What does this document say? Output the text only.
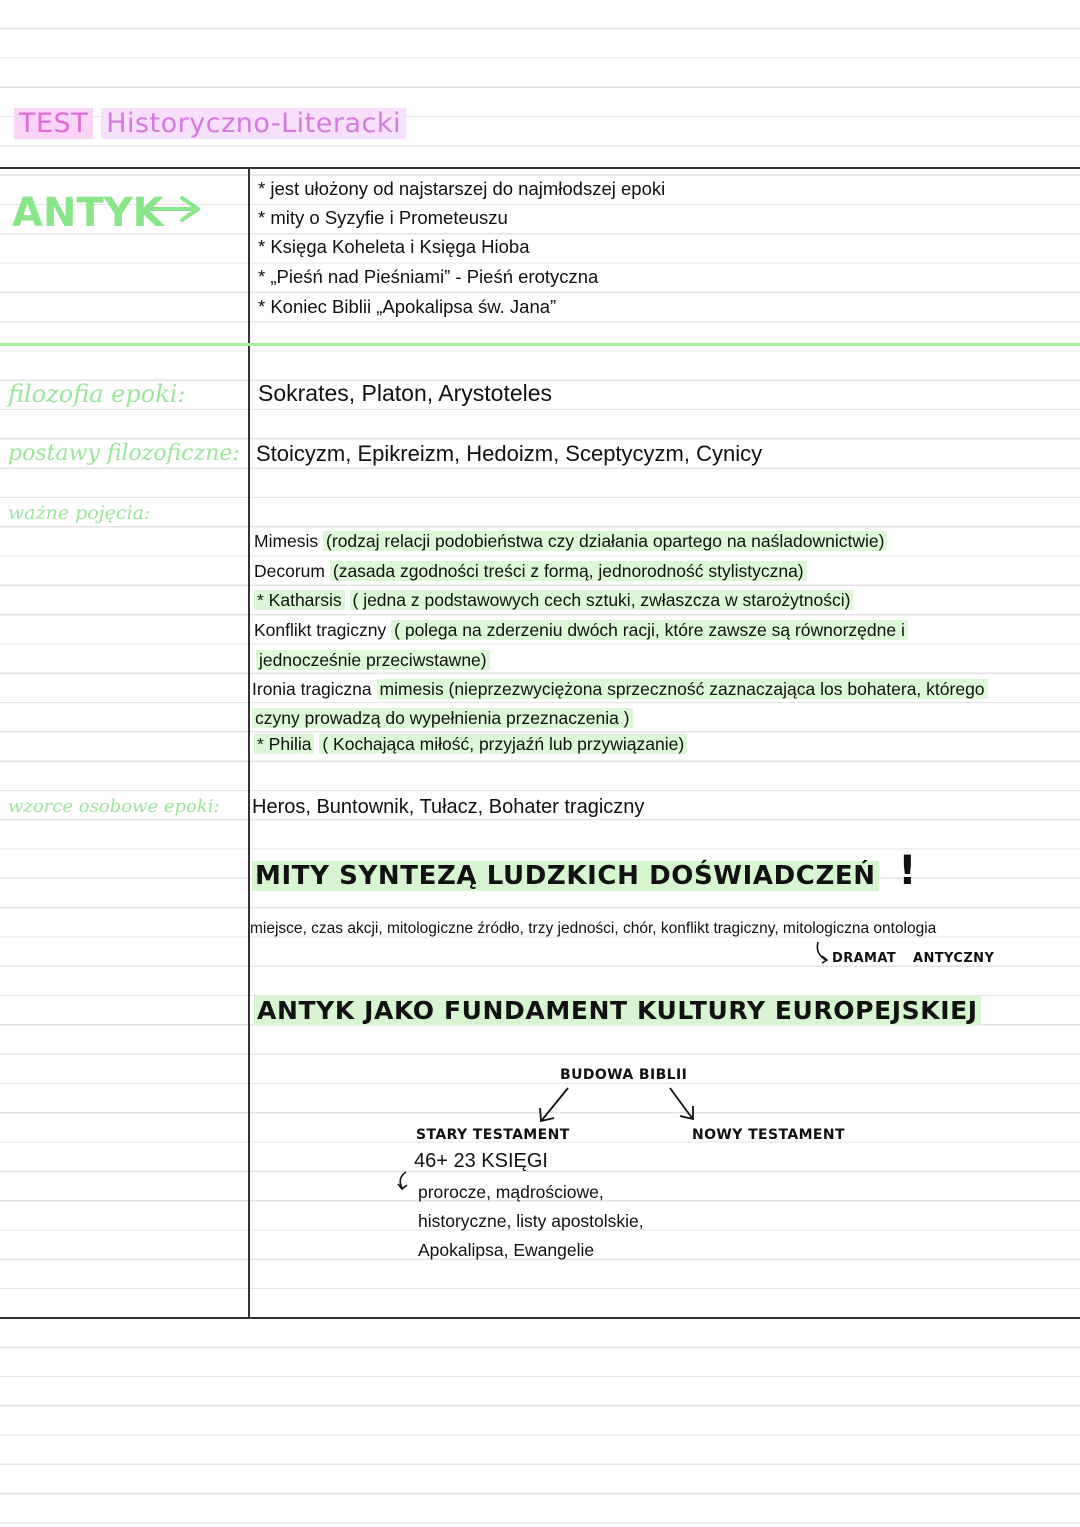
TEST Historyczno-Literacki
ANTYK
* jest ułożony od najstarszej do najmłodszej epoki
* mity o Syzyfie i Prometeuszu
* Księga Koheleta i Księga Hioba
* „Pieśń nad Pieśniami” - Pieśń erotyczna
* Koniec Biblii „Apokalipsa św. Jana”
filozofia epoki:
postawy filozoficzne:
ważne pojęcia:
wzorce osobowe epoki:
Sokrates, Platon, Arystoteles
Stoicyzm, Epikreizm, Hedoizm, Sceptycyzm, Cynicy
Mimesis (rodzaj relacji podobieństwa czy działania opartego na naśladownictwie)
Decorum (zasada zgodności treści z formą, jednorodność stylistyczna)
* Katharsis ( jedna z podstawowych cech sztuki, zwłaszcza w starożytności)
Konflikt tragiczny ( polega na zderzeniu dwóch racji, które zawsze są równorzędne i
jednocześnie przeciwstawne)
Ironia tragiczna mimesis (nieprzezwyciężona sprzeczność zaznaczająca los bohatera, którego
czyny prowadzą do wypełnienia przeznaczenia )
* Philia ( Kochająca miłość, przyjaźń lub przywiązanie)
Heros, Buntownik, Tułacz, Bohater tragiczny
MITY SYNTEZĄ LUDZKICH DOŚWIADCZEŃ !
miejsce, czas akcji, mitologiczne źródło, trzy jedności, chór, konflikt tragiczny, mitologiczna ontologia
DRAMAT ANTYCZNY
ANTYK JAKO FUNDAMENT KULTURY EUROPEJSKIEJ
BUDOWA BIBLII
STARY TESTAMENT	NOWY TESTAMENT
46+ 23 KSIĘGI
prorocze, mądrościowe,
historyczne, listy apostolskie,
Apokalipsa, Ewangelie
